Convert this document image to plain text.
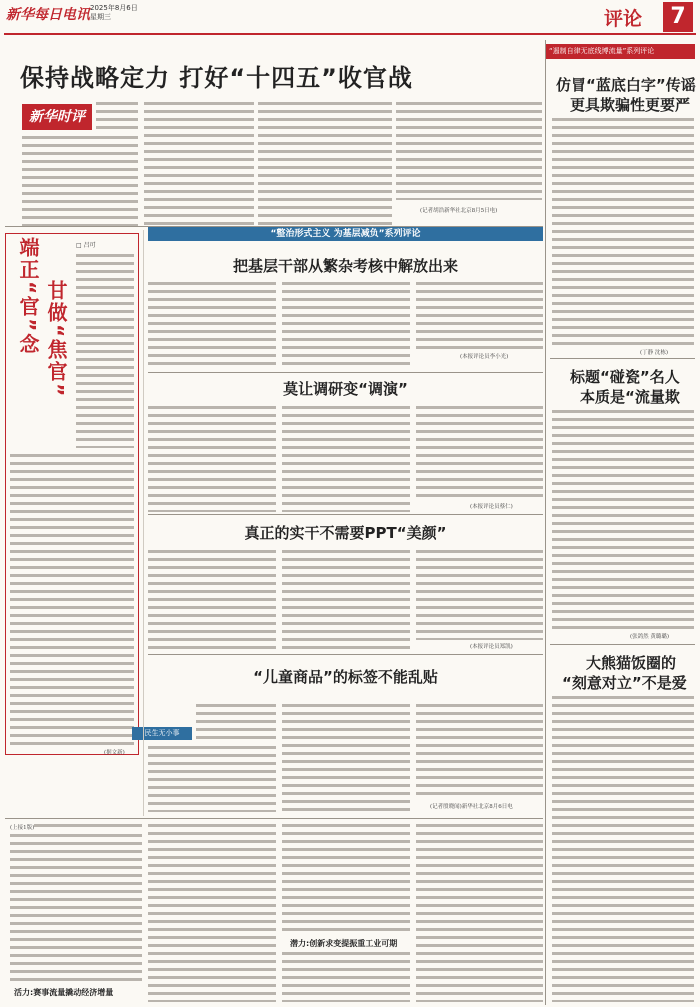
新华每日电讯 2025年8月6日
星期三	评论	7
“遏制自律无底线博流量”系列评论
保持战略定力 打好“十四五”收官战
新华时评
(记者胡浩新华社北京8月5日电)
端正“官”念 甘做“焦官”
□ 吕可
(据文新)
“整治形式主义 为基层减负”系列评论
把基层干部从繁杂考核中解放出来
(本报评论员李小光)
莫让调研变“调演”
(本报评论员蔡仁)
真正的实干不需要PPT“美颜”
(本报评论员郑凯)
“儿童商品”的标签不能乱贴
民生无小事
(记者殷晓闻)新华社北京8月6日电
(上接1版)
活力:赛事流量撬动经济增量
潜力:创新求变提振重工业可期
仿冒“蓝底白字”传谣
更具欺骗性更要严
(丁静 沈栋)
标题“碰瓷”名人
本质是“流量欺
(张鸽然 黄璐璐)
大熊猫饭圈的
“刻意对立”不是爱
